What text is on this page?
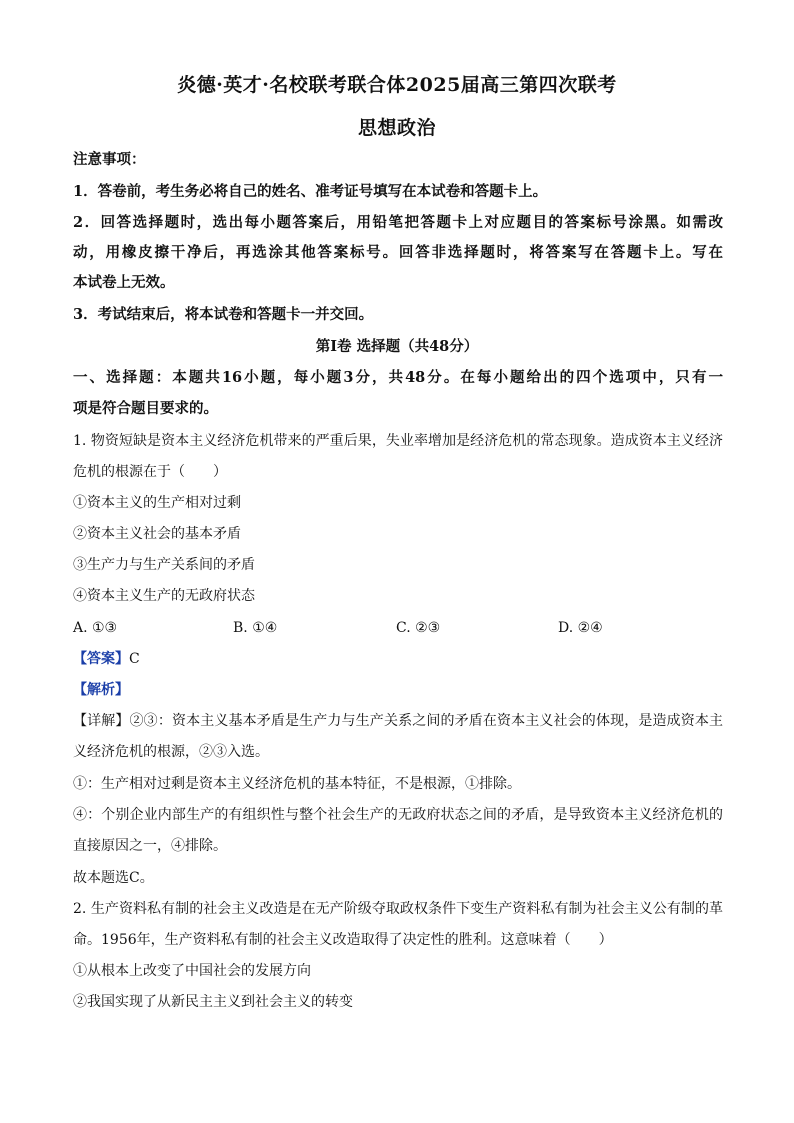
炎德·英才·名校联考联合体2025届高三第四次联考
思想政治
注意事项：
1．答卷前，考生务必将自己的姓名、准考证号填写在本试卷和答题卡上。
2．回答选择题时，选出每小题答案后，用铅笔把答题卡上对应题目的答案标号涂黑。如需改
动，用橡皮擦干净后，再选涂其他答案标号。回答非选择题时，将答案写在答题卡上。写在
本试卷上无效。
3．考试结束后，将本试卷和答题卡一并交回。
第Ⅰ卷 选择题（共48分）
一、选择题：本题共16小题，每小题3分，共48分。在每小题给出的四个选项中，只有一
项是符合题目要求的。
1. 物资短缺是资本主义经济危机带来的严重后果，失业率增加是经济危机的常态现象。造成资本主义经济
危机的根源在于（　　）
①资本主义的生产相对过剩
②资本主义社会的基本矛盾
③生产力与生产关系间的矛盾
④资本主义生产的无政府状态
A. ①③	B. ①④	C. ②③	D. ②④
【答案】C
【解析】
【详解】②③：资本主义基本矛盾是生产力与生产关系之间的矛盾在资本主义社会的体现，是造成资本主
义经济危机的根源，②③入选。
①：生产相对过剩是资本主义经济危机的基本特征，不是根源，①排除。
④：个别企业内部生产的有组织性与整个社会生产的无政府状态之间的矛盾，是导致资本主义经济危机的
直接原因之一，④排除。
故本题选C。
2. 生产资料私有制的社会主义改造是在无产阶级夺取政权条件下变生产资料私有制为社会主义公有制的革
命。1956年，生产资料私有制的社会主义改造取得了决定性的胜利。这意味着（　　）
①从根本上改变了中国社会的发展方向
②我国实现了从新民主主义到社会主义的转变
